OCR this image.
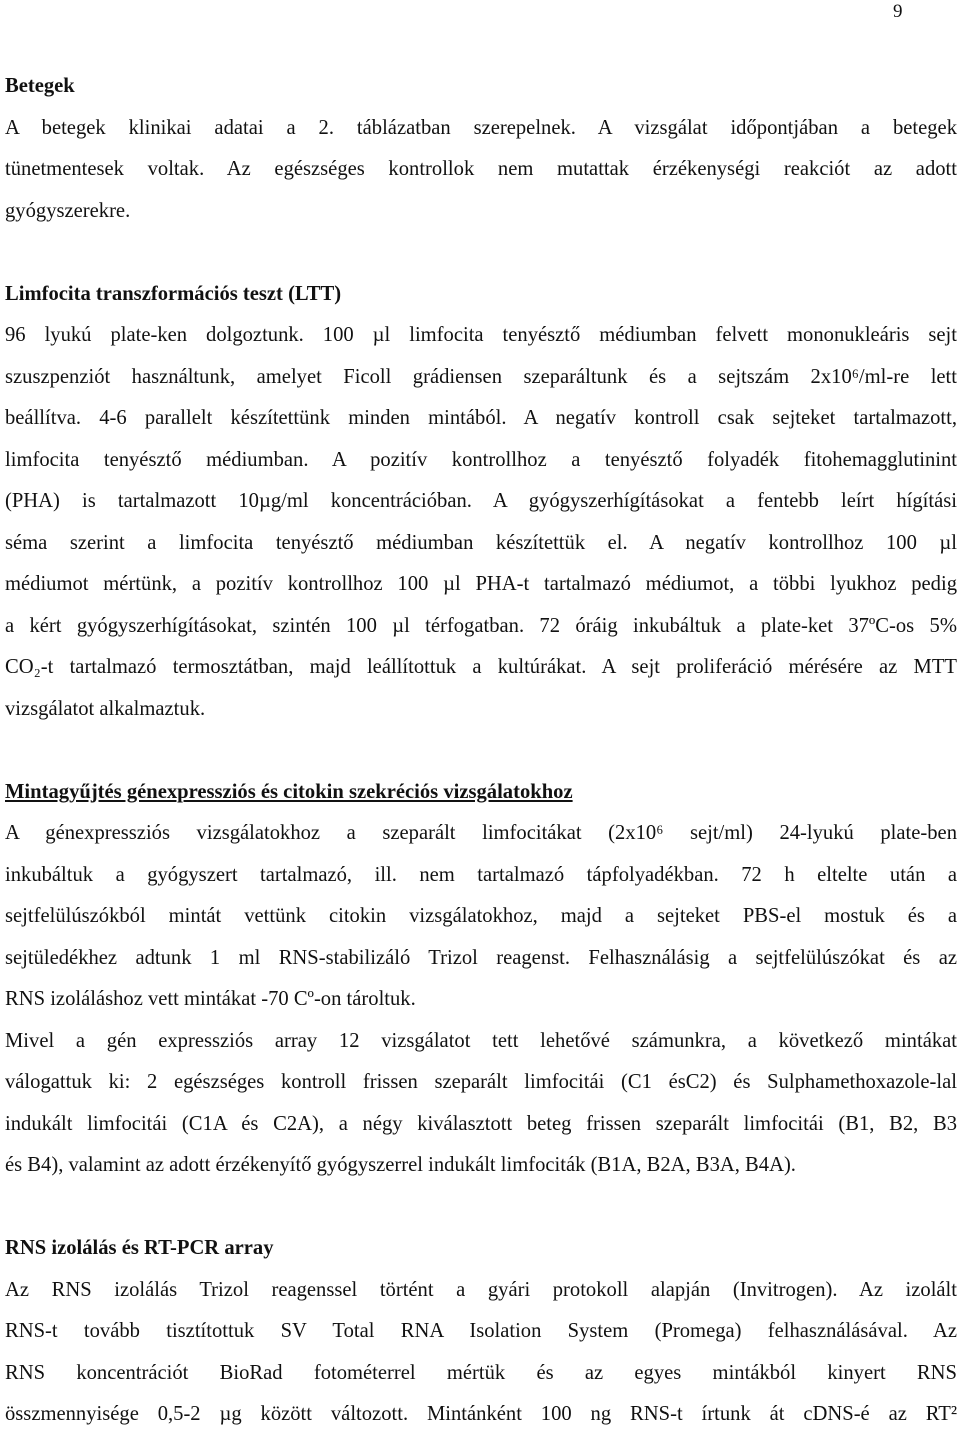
9
Betegek
A betegek klinikai adatai a 2. táblázatban szerepelnek. A vizsgálat időpontjában a betegek
tünetmentesek voltak. Az egészséges kontrollok nem mutattak érzékenységi reakciót az adott
gyógyszerekre.
Limfocita transzformációs teszt (LTT)
96 lyukú plate-ken dolgoztunk. 100 µl limfocita tenyésztő médiumban felvett mononukleáris sejt
szuszpenziót használtunk, amelyet Ficoll grádiensen szeparáltunk és a sejtszám 2x10⁶/ml-re lett
beállítva. 4-6 parallelt készítettünk minden mintából. A negatív kontroll csak sejteket tartalmazott,
limfocita tenyésztő médiumban. A pozitív kontrollhoz a tenyésztő folyadék fitohemagglutinint
(PHA) is tartalmazott 10µg/ml koncentrációban. A gyógyszerhígításokat a fentebb leírt hígítási
séma szerint a limfocita tenyésztő médiumban készítettük el. A negatív kontrollhoz 100 µl
médiumot mértünk, a pozitív kontrollhoz 100 µl PHA-t tartalmazó médiumot, a többi lyukhoz pedig
a kért gyógyszerhígításokat, szintén 100 µl térfogatban. 72 óráig inkubáltuk a plate-ket 37ºC-os 5%
CO₂-t tartalmazó termosztátban, majd leállítottuk a kultúrákat. A sejt proliferáció mérésére az MTT
vizsgálatot alkalmaztuk.
Mintagyűjtés génexpressziós és citokin szekréciós vizsgálatokhoz
A génexpressziós vizsgálatokhoz a szeparált limfocitákat (2x10⁶ sejt/ml) 24-lyukú plate-ben
inkubáltuk a gyógyszert tartalmazó, ill. nem tartalmazó tápfolyadékban. 72 h eltelte után a
sejtfelülúszókból mintát vettünk citokin vizsgálatokhoz, majd a sejteket PBS-el mostuk és a
sejtüledékhez adtunk 1 ml RNS-stabilizáló Trizol reagenst. Felhasználásig a sejtfelülúszókat és az
RNS izoláláshoz vett mintákat -70 Cº-on tároltuk.
Mivel a gén expressziós array 12 vizsgálatot tett lehetővé számunkra, a következő mintákat
válogattuk ki: 2 egészséges kontroll frissen szeparált limfocitái (C1 ésC2) és Sulphamethoxazole-lal
indukált limfocitái (C1A és C2A), a négy kiválasztott beteg frissen szeparált limfocitái (B1, B2, B3
és B4), valamint az adott érzékenyítő gyógyszerrel indukált limfociták (B1A, B2A, B3A, B4A).
RNS izolálás és RT-PCR array
Az RNS izolálás Trizol reagenssel történt a gyári protokoll alapján (Invitrogen). Az izolált
RNS-t tovább tisztítottuk SV Total RNA Isolation System (Promega) felhasználásával. Az
RNS koncentrációt BioRad fotométerrel mértük és az egyes mintákból kinyert RNS
összmennyisége 0,5-2 µg között változott. Mintánként 100 ng RNS-t írtunk át cDNS-é az RT²
